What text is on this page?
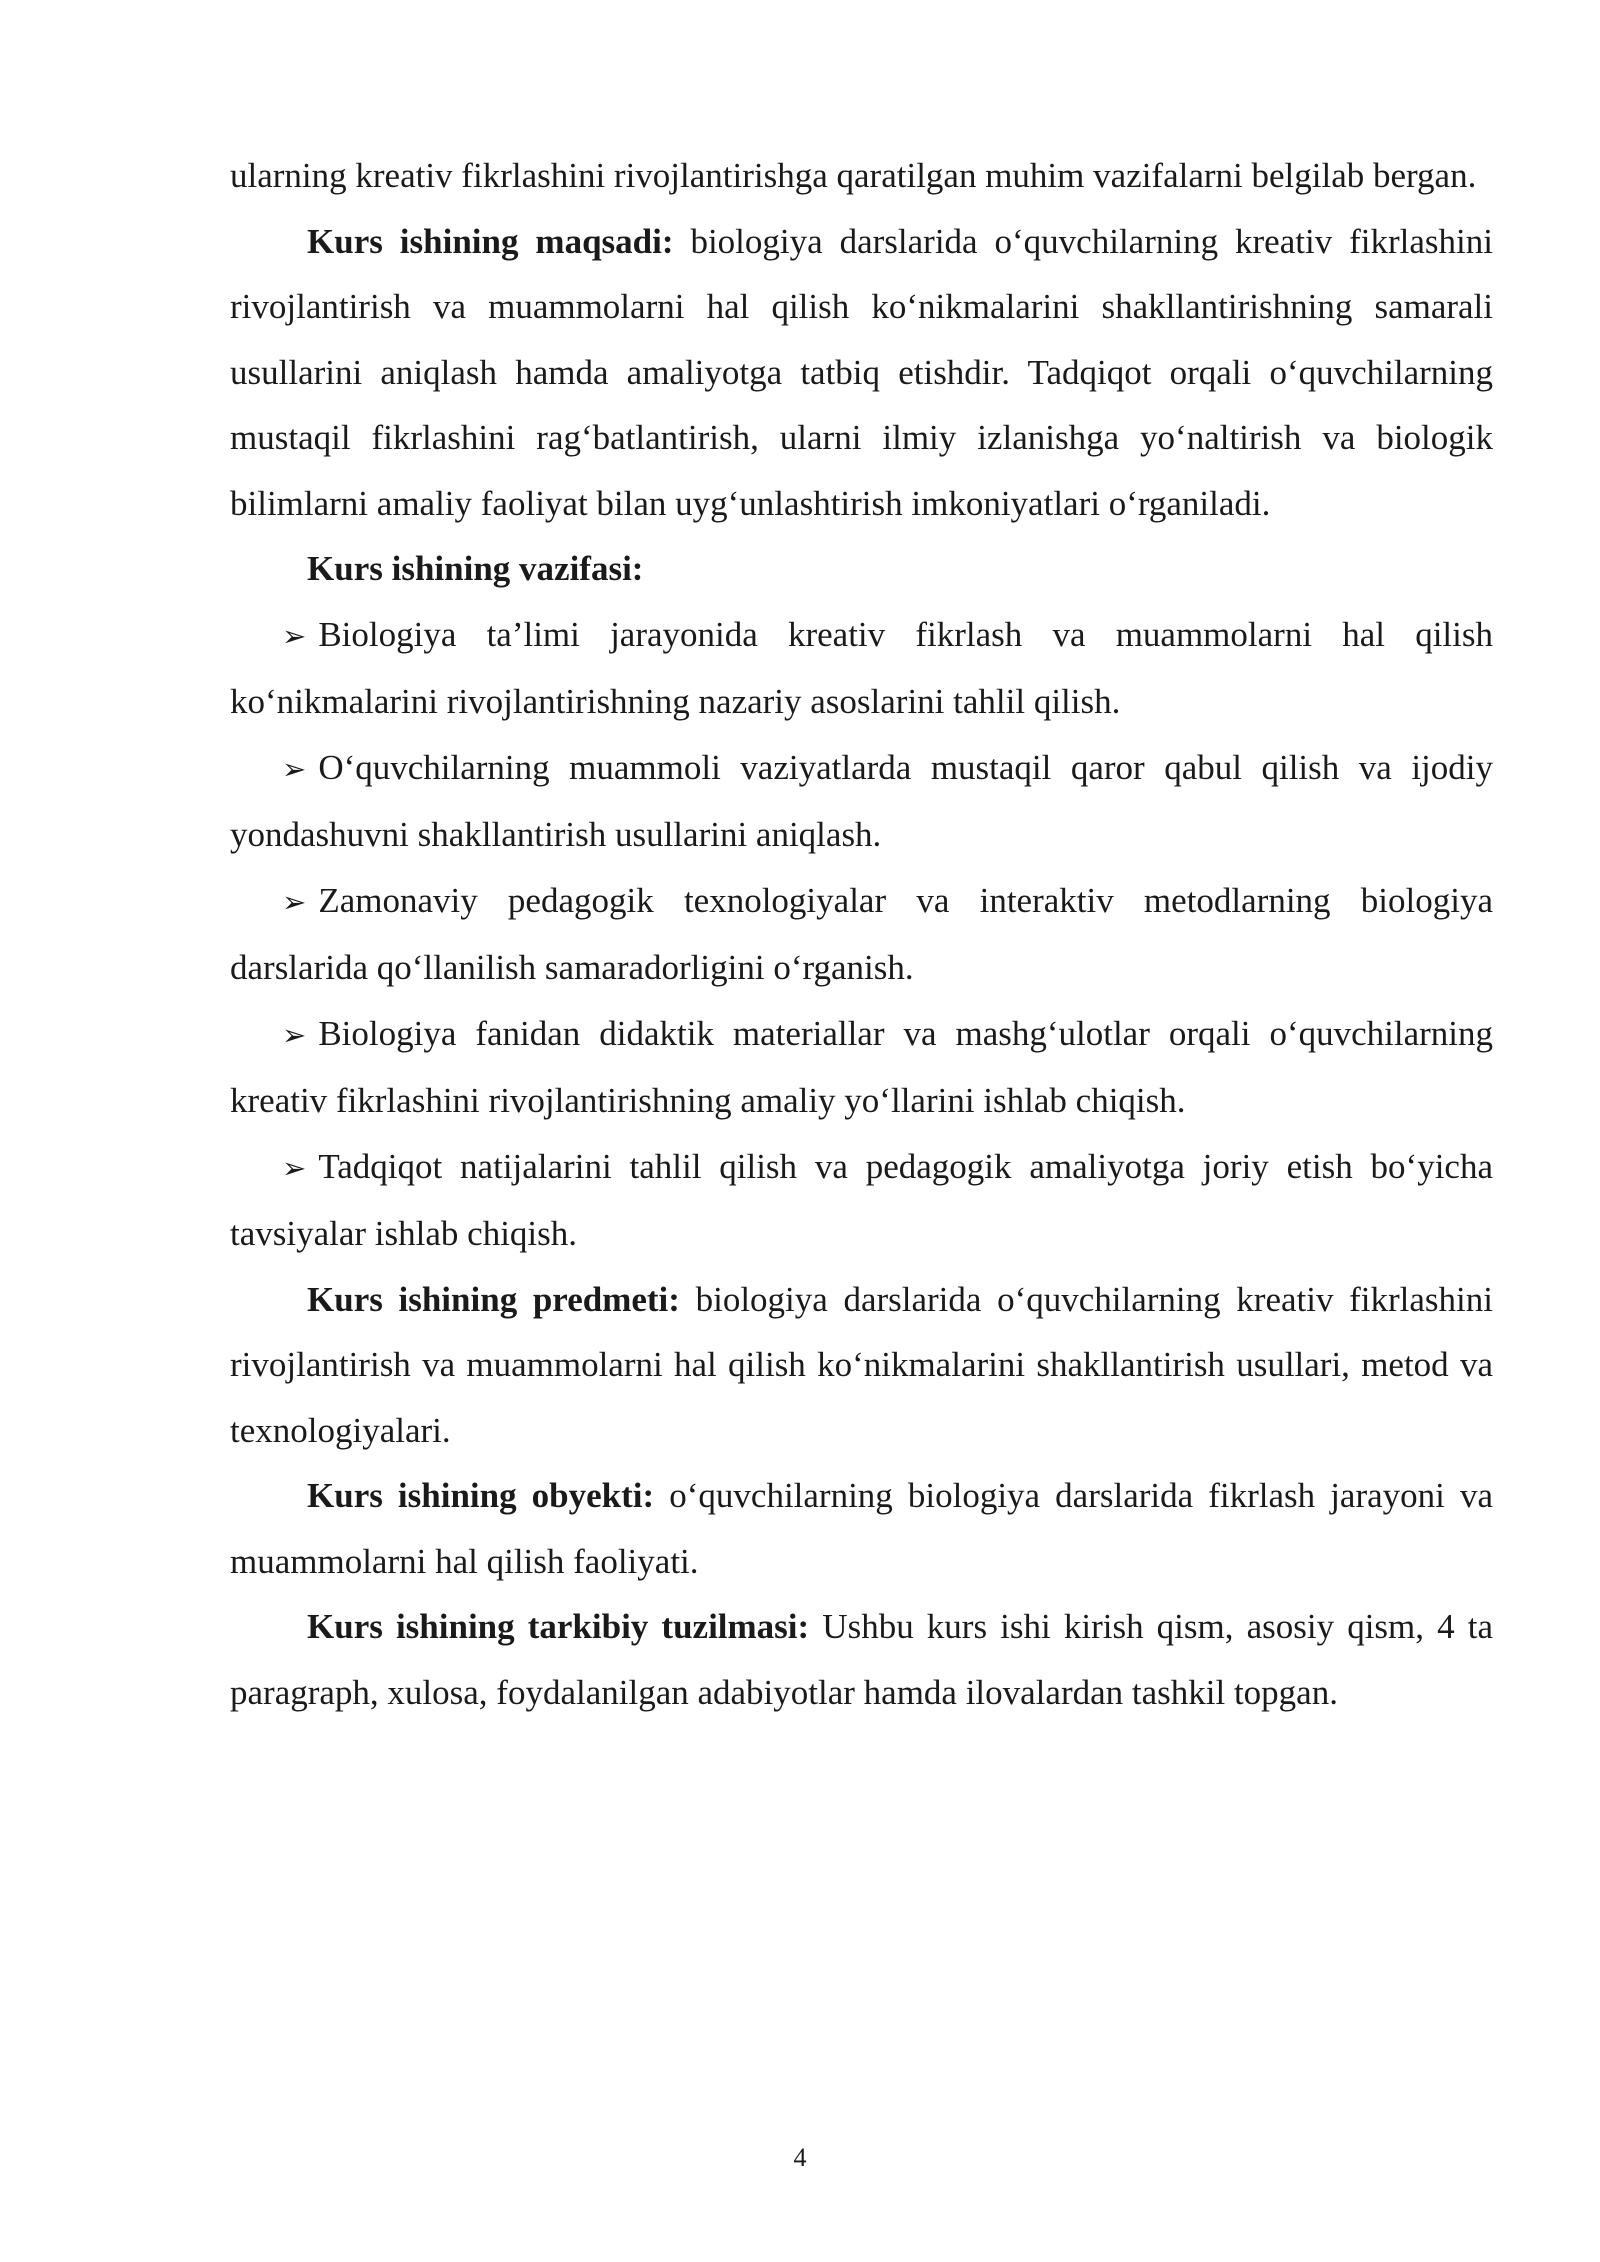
ularning kreativ fikrlashini rivojlantirishga qaratilgan muhim vazifalarni belgilab bergan.

Kurs ishining maqsadi: biologiya darslarida o‘quvchilarning kreativ fikrlashini rivojlantirish va muammolarni hal qilish ko‘nikmalarini shakllantirishning samarali usullarini aniqlash hamda amaliyotga tatbiq etishdir. Tadqiqot orqali o‘quvchilarning mustaqil fikrlashini rag‘batlantirish, ularni ilmiy izlanishga yo‘naltirish va biologik bilimlarni amaliy faoliyat bilan uyg‘unlashtirish imkoniyatlari o‘rganiladi.

Kurs ishining vazifasi:

➢ Biologiya ta’limi jarayonida kreativ fikrlash va muammolarni hal qilish ko‘nikmalarini rivojlantirishning nazariy asoslarini tahlil qilish.

➢ O‘quvchilarning muammoli vaziyatlarda mustaqil qaror qabul qilish va ijodiy yondashuvni shakllantirish usullarini aniqlash.

➢ Zamonaviy pedagogik texnologiyalar va interaktiv metodlarning biologiya darslarida qo‘llanilish samaradorligini o‘rganish.

➢ Biologiya fanidan didaktik materiallar va mashg‘ulotlar orqali o‘quvchilarning kreativ fikrlashini rivojlantirishning amaliy yo‘llarini ishlab chiqish.

➢ Tadqiqot natijalarini tahlil qilish va pedagogik amaliyotga joriy etish bo‘yicha tavsiyalar ishlab chiqish.

Kurs ishining predmeti: biologiya darslarida o‘quvchilarning kreativ fikrlashini rivojlantirish va muammolarni hal qilish ko‘nikmalarini shakllantirish usullari, metod va texnologiyalari.

Kurs ishining obyekti: o‘quvchilarning biologiya darslarida fikrlash jarayoni va muammolarni hal qilish faoliyati.

Kurs ishining tarkibiy tuzilmasi: Ushbu kurs ishi kirish qism, asosiy qism, 4 ta paragraph, xulosa, foydalanilgan adabiyotlar hamda ilovalardan tashkil topgan.

4
